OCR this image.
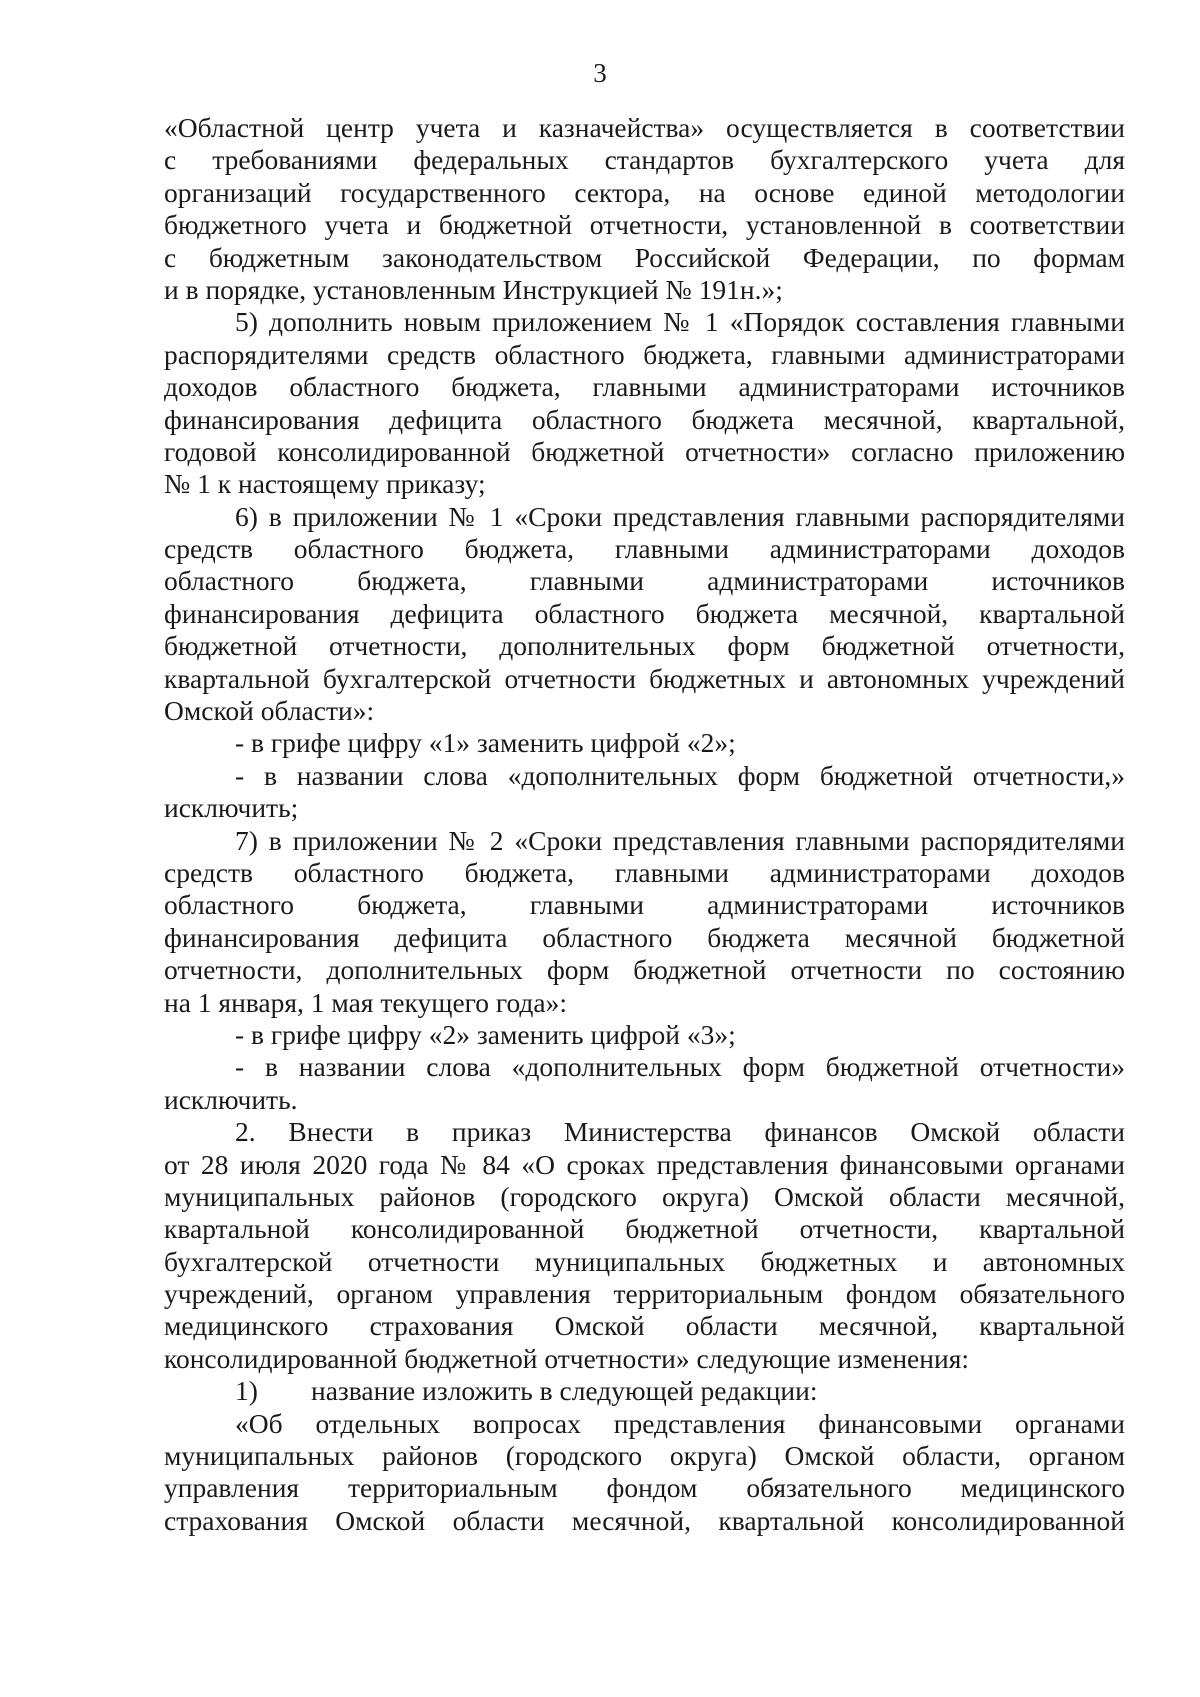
3
«Областной центр учета и казначейства» осуществляется в соответствии
с требованиями федеральных стандартов бухгалтерского учета для
организаций государственного сектора, на основе единой методологии
бюджетного учета и бюджетной отчетности, установленной в соответствии
с бюджетным законодательством Российской Федерации, по формам
и в порядке, установленным Инструкцией № 191н.»;
5) дополнить новым приложением № 1 «Порядок составления главными
распорядителями средств областного бюджета, главными администраторами
доходов областного бюджета, главными администраторами источников
финансирования дефицита областного бюджета месячной, квартальной,
годовой консолидированной бюджетной отчетности» согласно приложению
№ 1 к настоящему приказу;
6) в приложении № 1 «Сроки представления главными распорядителями
средств областного бюджета, главными администраторами доходов
областного бюджета, главными администраторами источников
финансирования дефицита областного бюджета месячной, квартальной
бюджетной отчетности, дополнительных форм бюджетной отчетности,
квартальной бухгалтерской отчетности бюджетных и автономных учреждений
Омской области»:
- в грифе цифру «1» заменить цифрой «2»;
- в названии слова «дополнительных форм бюджетной отчетности,»
исключить;
7) в приложении № 2 «Сроки представления главными распорядителями
средств областного бюджета, главными администраторами доходов
областного бюджета, главными администраторами источников
финансирования дефицита областного бюджета месячной бюджетной
отчетности, дополнительных форм бюджетной отчетности по состоянию
на 1 января, 1 мая текущего года»:
- в грифе цифру «2» заменить цифрой «3»;
- в названии слова «дополнительных форм бюджетной отчетности»
исключить.
2. Внести в приказ Министерства финансов Омской области
от 28 июля 2020 года № 84 «О сроках представления финансовыми органами
муниципальных районов (городского округа) Омской области месячной,
квартальной консолидированной бюджетной отчетности, квартальной
бухгалтерской отчетности муниципальных бюджетных и автономных
учреждений, органом управления территориальным фондом обязательного
медицинского страхования Омской области месячной, квартальной
консолидированной бюджетной отчетности» следующие изменения:
1) название изложить в следующей редакции:
«Об отдельных вопросах представления финансовыми органами
муниципальных районов (городского округа) Омской области, органом
управления территориальным фондом обязательного медицинского
страхования Омской области месячной, квартальной консолидированной
